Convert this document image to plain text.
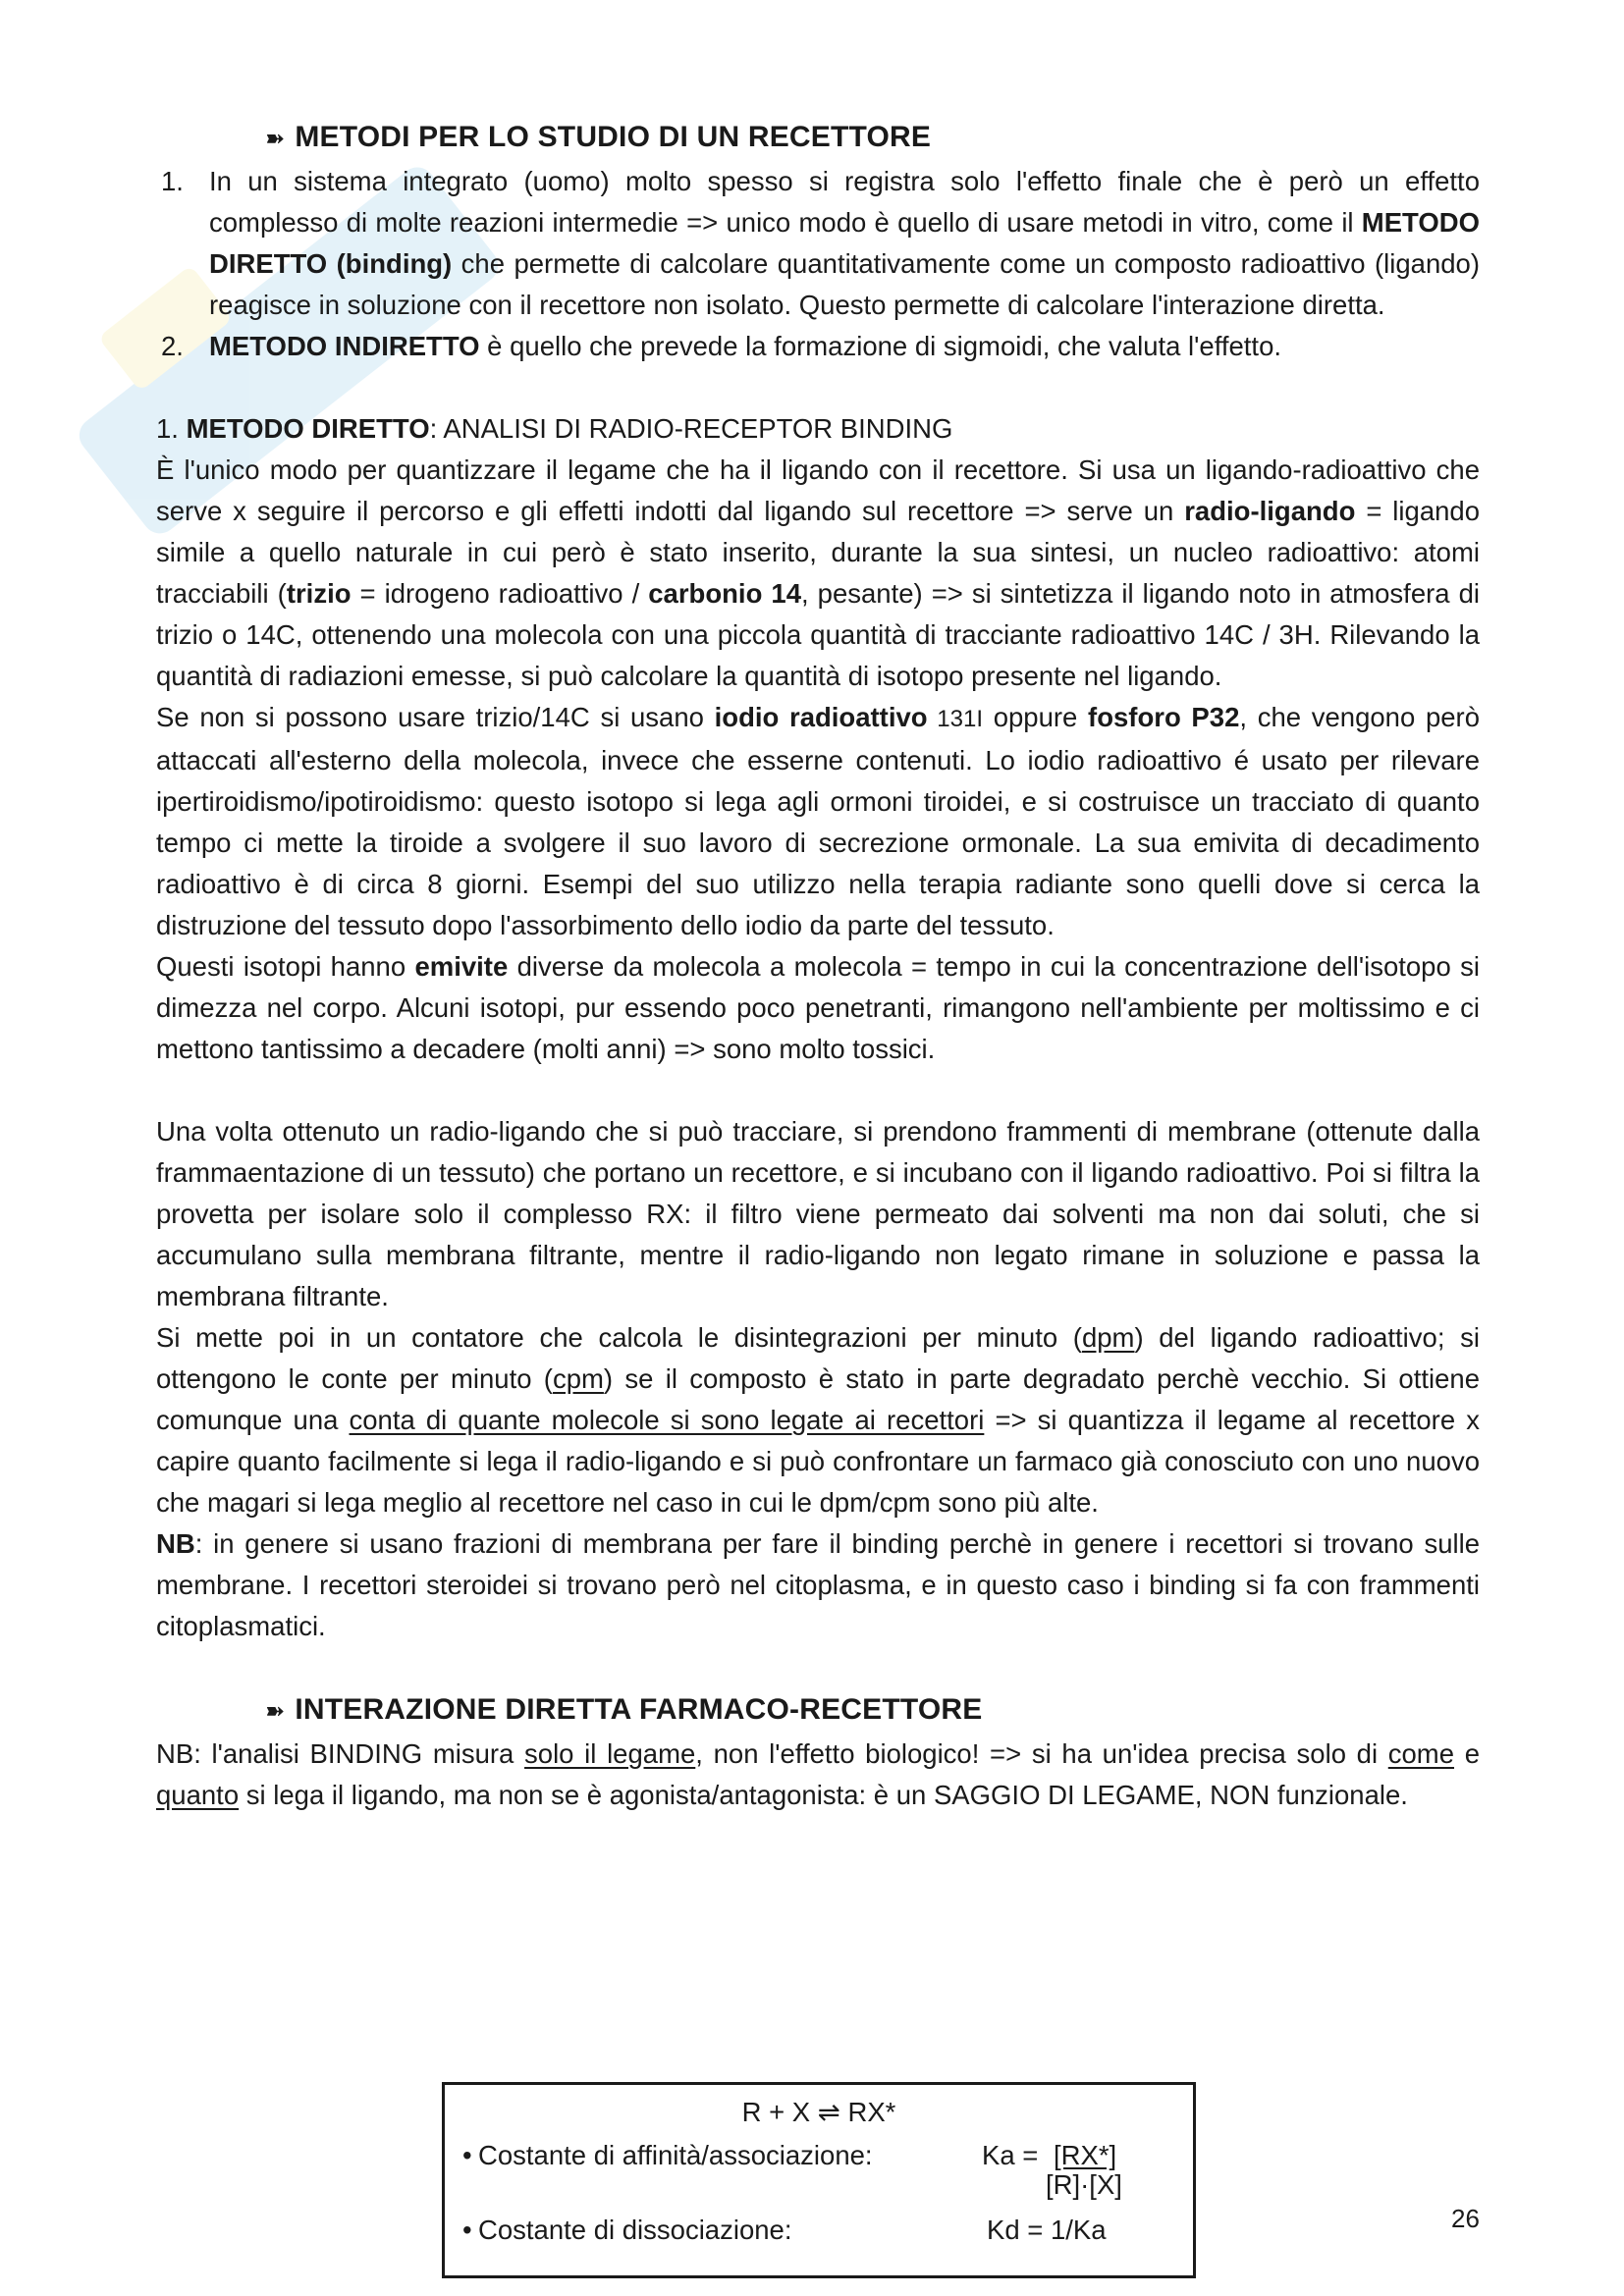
➽ METODI PER LO STUDIO DI UN RECETTORE
1. In un sistema integrato (uomo) molto spesso si registra solo l'effetto finale che è però un effetto complesso di molte reazioni intermedie => unico modo è quello di usare metodi in vitro, come il METODO DIRETTO (binding) che permette di calcolare quantitativamente come un composto radioattivo (ligando) reagisce in soluzione con il recettore non isolato. Questo permette di calcolare l'interazione diretta.

2. METODO INDIRETTO è quello che prevede la formazione di sigmoidi, che valuta l'effetto.

1. METODO DIRETTO: ANALISI DI RADIO-RECEPTOR BINDING

È l'unico modo per quantizzare il legame che ha il ligando con il recettore. Si usa un ligando-radioattivo che serve x seguire il percorso e gli effetti indotti dal ligando sul recettore => serve un radio-ligando = ligando simile a quello naturale in cui però è stato inserito, durante la sua sintesi, un nucleo radioattivo: atomi tracciabili (trizio = idrogeno radioattivo / carbonio 14, pesante) => si sintetizza il ligando noto in atmosfera di trizio o 14C, ottenendo una molecola con una piccola quantità di tracciante radioattivo 14C / 3H. Rilevando la quantità di radiazioni emesse, si può calcolare la quantità di isotopo presente nel ligando.

Se non si possono usare trizio/14C si usano iodio radioattivo 131I oppure fosforo P32, che vengono però attaccati all'esterno della molecola, invece che esserne contenuti. Lo iodio radioattivo é usato per rilevare ipertiroidismo/ipotiroidismo: questo isotopo si lega agli ormoni tiroidei, e si costruisce un tracciato di quanto tempo ci mette la tiroide a svolgere il suo lavoro di secrezione ormonale. La sua emivita di decadimento radioattivo è di circa 8 giorni. Esempi del suo utilizzo nella terapia radiante sono quelli dove si cerca la distruzione del tessuto dopo l'assorbimento dello iodio da parte del tessuto.

Questi isotopi hanno emivite diverse da molecola a molecola = tempo in cui la concentrazione dell'isotopo si dimezza nel corpo. Alcuni isotopi, pur essendo poco penetranti, rimangono nell'ambiente per moltissimo e ci mettono tantissimo a decadere (molti anni) => sono molto tossici.

Una volta ottenuto un radio-ligando che si può tracciare, si prendono frammenti di membrane (ottenute dalla frammaentazione di un tessuto) che portano un recettore, e si incubano con il ligando radioattivo. Poi si filtra la provetta per isolare solo il complesso RX: il filtro viene permeato dai solventi ma non dai soluti, che si accumulano sulla membrana filtrante, mentre il radio-ligando non legato rimane in soluzione e passa la membrana filtrante.

Si mette poi in un contatore che calcola le disintegrazioni per minuto (dpm) del ligando radioattivo; si ottengono le conte per minuto (cpm) se il composto è stato in parte degradato perchè vecchio. Si ottiene comunque una conta di quante molecole si sono legate ai recettori => si quantizza il legame al recettore x capire quanto facilmente si lega il radio-ligando e si può confrontare un farmaco già conosciuto con uno nuovo che magari si lega meglio al recettore nel caso in cui le dpm/cpm sono più alte.

NB: in genere si usano frazioni di membrana per fare il binding perchè in genere i recettori si trovano sulle membrane. I recettori steroidei si trovano però nel citoplasma, e in questo caso i binding si fa con frammenti citoplasmatici.

➽ INTERAZIONE DIRETTA FARMACO-RECETTORE

NB: l'analisi BINDING misura solo il legame, non l'effetto biologico! => si ha un'idea precisa solo di come e quanto si lega il ligando, ma non se è agonista/antagonista: è un SAGGIO DI LEGAME, NON funzionale.

R + X ⇌ RX*
• Costante di affinità/associazione:	Ka = [RX*]
[R]·[X]
• Costante di dissociazione:	Kd = 1/Ka	26
